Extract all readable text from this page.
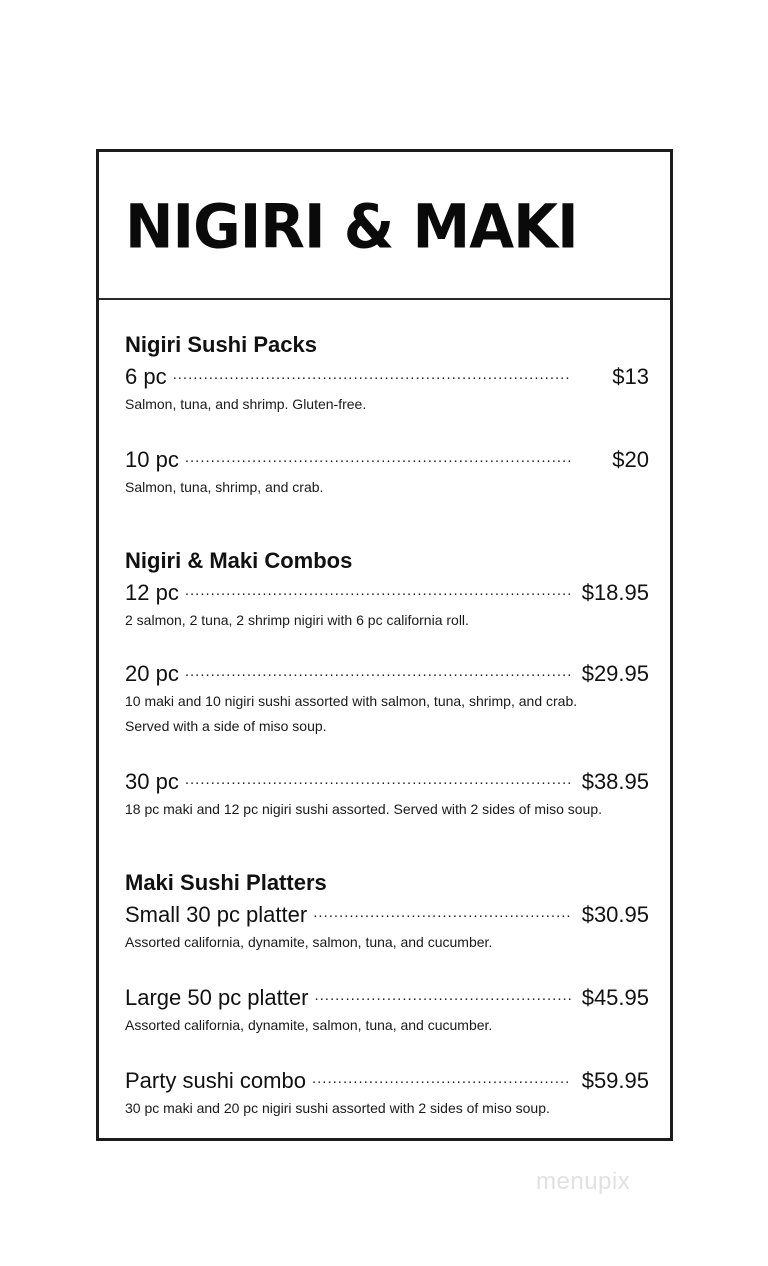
NIGIRI & MAKI
Nigiri Sushi Packs
6 pc .....	$13
Salmon, tuna, and shrimp. Gluten-free.
10 pc .....	$20
Salmon, tuna, shrimp, and crab.
Nigiri & Maki Combos
12 pc .....	$18.95
2 salmon, 2 tuna, 2 shrimp nigiri with 6 pc california roll.
20 pc .....	$29.95
10 maki and 10 nigiri sushi assorted with salmon, tuna, shrimp, and crab.
Served with a side of miso soup.
30 pc .....	$38.95
18 pc maki and 12 pc nigiri sushi assorted. Served with 2 sides of miso soup.
Maki Sushi Platters
Small 30 pc platter .....	$30.95
Assorted california, dynamite, salmon, tuna, and cucumber.
Large 50 pc platter .....	$45.95
Assorted california, dynamite, salmon, tuna, and cucumber.
Party sushi combo .....	$59.95
30 pc maki and 20 pc nigiri sushi assorted with 2 sides of miso soup.
menupix
